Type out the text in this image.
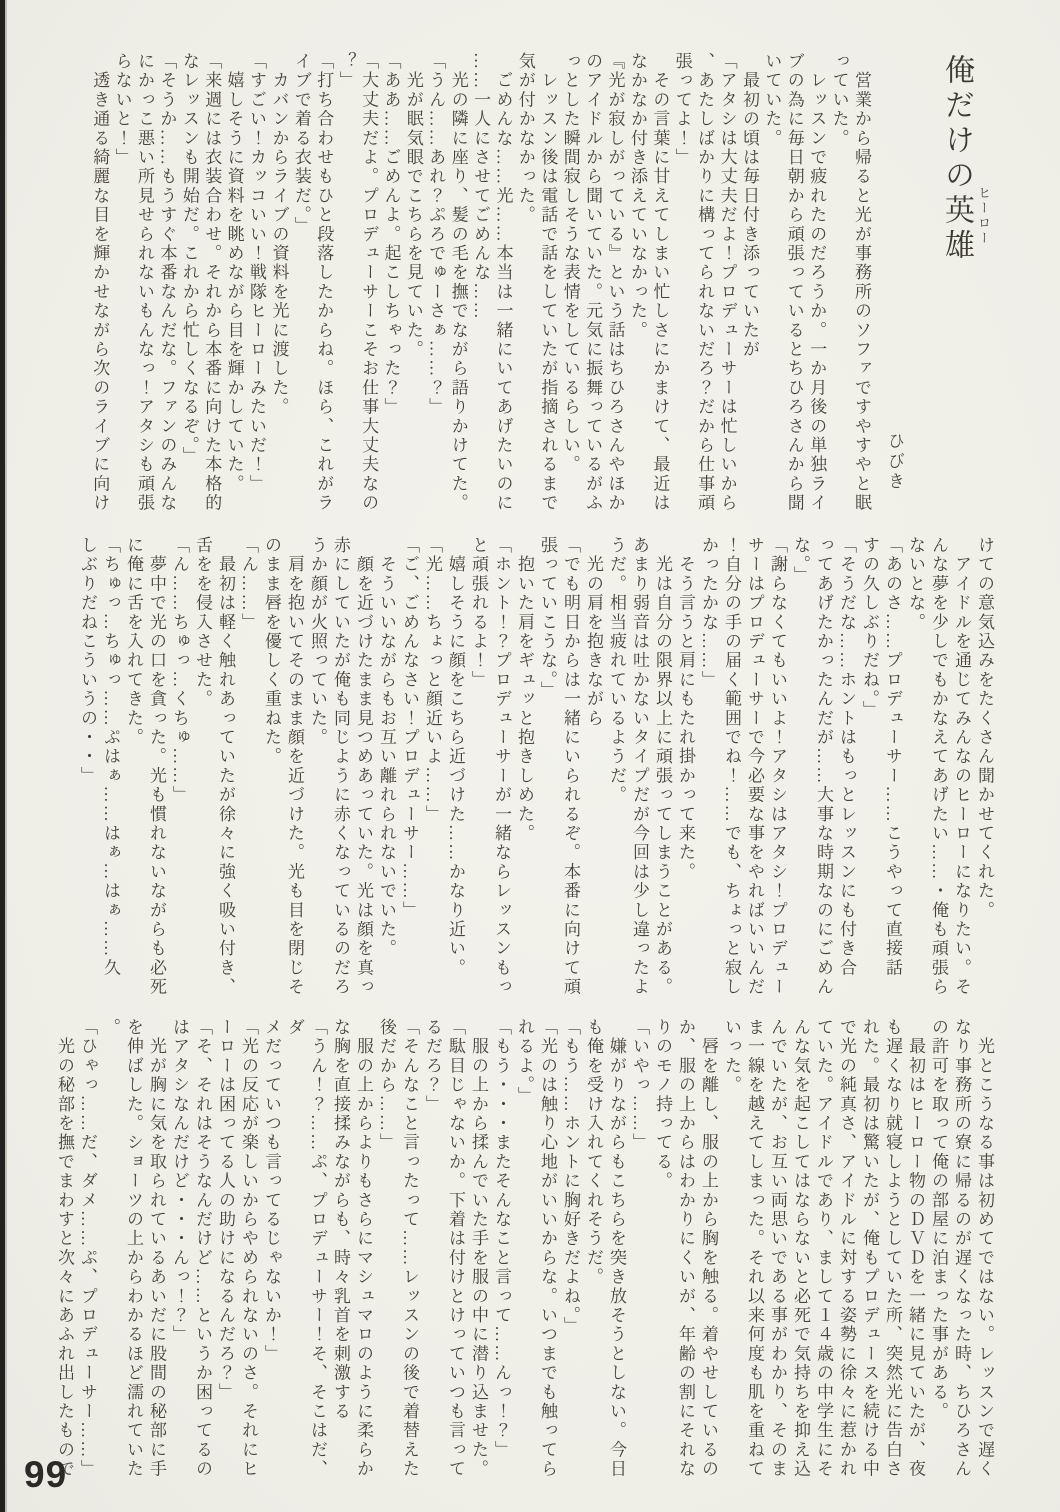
俺だけの英雄 ヒーロー
ひびき

　営業から帰ると光が事務所のソファですやすやと眠

っていた。

　レッスンで疲れたのだろうか。一か月後の単独ライ

ブの為に毎日朝から頑張っているとちひろさんから聞

いていた。

　最初の頃は毎日付き添っていたが

「アタシは大丈夫だよ！プロデューサーは忙しいから

、あたしばかりに構ってられないだろ？だから仕事頑

張ってよ！」

　その言葉に甘えてしまい忙しさにかまけて、最近は

なかなか付き添えていなかった。

『光が寂しがっている』という話はちひろさんやほか

のアイドルから聞いていた。元気に振舞っているがふ

っとした瞬間寂しそうな表情をしているらしい。

　レッスン後は電話で話をしていたが指摘されるまで

気が付かなかった。

　ごめんな……光……本当は一緒にいてあげたいのに

……一人にさせてごめんな……

　光の隣に座り、髪の毛を撫でながら語りかけてた。

「うん……あれ？ぷろでゅーさぁ……？」

　光が眠気眼でこちらを見ていた。

「ああ……ごめんよ。起こしちゃった？」

「大丈夫だよ。プロデューサーこそお仕事大丈夫なの

？」

「打ち合わせもひと段落したからね。ほら、これがラ

イブで着る衣装だ。」

　カバンからライブの資料を光に渡した。

「すごい！カッコいい！戦隊ヒーローみたいだ！」

　嬉しそうに資料を眺めながら目を輝かしていた。

「来週には衣装合わせ。それから本番に向けた本格的

なレッスンも開始だ。これから忙しくなるぞ。」

「そうか……もうすぐ本番なんだな。ファンのみんな

にかっこ悪い所見せられないもんなっ！アタシも頑張

らないと！」

　透き通る綺麗な目を輝かせながら次のライブに向け

けての意気込みをたくさん聞かせてくれた。

　アイドルを通じてみんなのヒーローになりたい。そ

んな夢を少しでもかなえてあげたい……・俺も頑張ら

ないとな。

「あのさ……プロデューサー……こうやって直接話

すの久しぶりだね。」

「そうだな……ホントはもっとレッスンにも付き合

ってあげたかったんだが……大事な時期なのにごめん

な。」

「謝らなくてもいいよ！アタシはアタシ！プロデュー

サーはプロデューサーで今必要な事をやればいいんだ

！自分の手の届く範囲でね！……でも、ちょっと寂し

かったかな……」

　そう言うと肩にもたれ掛かって来た。

　光は自分の限界以上に頑張ってしまうことがある。

あまり弱音は吐かないタイプだが今回は少し違ったよ

うだ。相当疲れているようだ。

　光の肩を抱きながら

「でも明日からは一緒にいられるぞ。本番に向けて頑

張っていこうな。」

　抱いた肩をギュッと抱きしめた。

「ホント！？プロデューサーが一緒ならレッスンもっ

と頑張れるよ！」

　嬉しそうに顔をこちら近づけた……かなり近い。

「光……ちょっと顔近いよ……」

「ご、ごめんなさい！プロデューサー……」

　そういいながらもお互い離れられないでいた。

　顔を近づけたまま見つめあっていた。光は顔を真っ

赤にしていたが俺も同じように赤くなっているのだろ

うか顔が火照っていた。

　肩を抱いてそのまま顔を近づけた。光も目を閉じそ

のまま唇を優しく重ねた。

「ん……」

　最初は軽く触れあっていたが徐々に強く吸い付き、

舌をを侵入させた。

「ん……ちゅっ…くちゅ……」

　夢中で光の口を貪った。光も慣れないながらも必死

に俺に舌を入れてきた。

「ちゅっ…ちゅっ……ぷはぁ……はぁ…はぁ……久

しぶりだねこういうの・・」

　光とこうなる事は初めてではない。レッスンで遅く

なり事務所の寮に帰るのが遅くなった時、ちひろさん

の許可を取って俺の部屋に泊まった事がある。

　最初はヒーロー物のＤＶＤを一緒に見ていたが、夜

も遅くなり就寝しようとしていた所、突然光に告白さ

れた。最初は驚いたが、俺もプロデュースを続ける中

で光の純真さ、アイドルに対する姿勢に徐々に惹かれ

ていた。アイドルであり、まして１４歳の中学生にそ

んな気を起こしてはならないと必死で気持ちを抑え込

んでいたが、お互い両思いである事がわかり、そのま

ま一線を越えてしまった。それ以来何度も肌を重ねて

いった。

　唇を離し、服の上から胸を触る。着やせしているの

か、服の上からはわかりにくいが、年齢の割にそれな

りのモノ持ってる。

「いやっ……」

　嫌がりながらもこちらを突き放そうとしない。今日

も俺を受け入れてくれそうだ。

「もう……ホントに胸好きだよね。」

「光のは触り心地がいいからな。いつまでも触ってら

れるよ。」

「もう・・・またそんなこと言って……んっ！？」

　服の上から揉んでいた手を服の中に潜り込ませた。

「駄目じゃないか。下着は付けとけっていつも言って

るだろ？」

「そんなこと言ったって……レッスンの後で着替えた

後だから……」

　服の上からよりもさらにマシュマロのように柔らか

な胸を直接揉みながらも、時々乳首を刺激する

「うん！？……ぷ、プロデューサー！そ、そこはだ、ダ

メだっていつも言ってるじゃないか！」

「光の反応が楽しいからやめられないのさ。それにヒ

ーローは困ってる人の助けになるんだろ？」

「そ、それはそうなんだけど……というか困ってるの

はアタシなんだけど・・・んっ！？」

　光が胸に気を取られているあいだに股間の秘部に手

を伸ばした。ショーツの上からわかるほど濡れていた

。

「ひゃっ……だ、ダメ……ぷ、プロデューサー……」

　光の秘部を撫でまわすと次々にあふれ出したもので

99
